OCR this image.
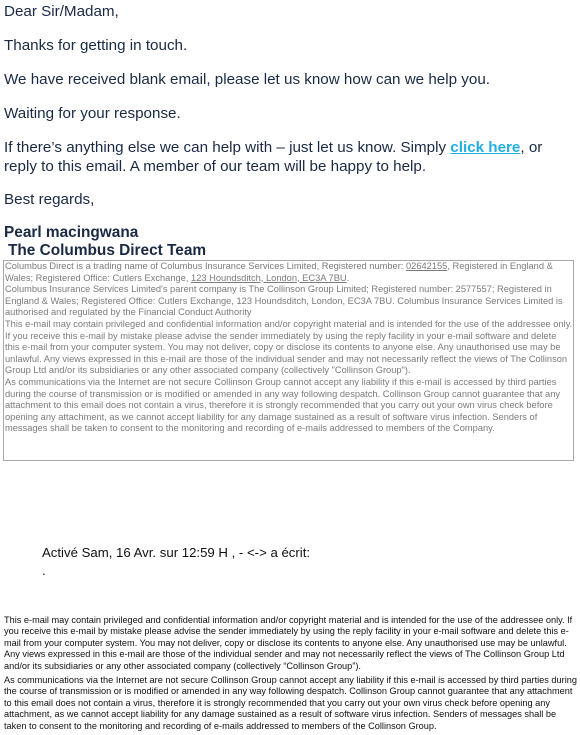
Dear Sir/Madam,
Thanks for getting in touch.
We have received blank email, please let us know how can we help you.
Waiting for your response.
If there’s anything else we can help with – just let us know. Simply click here, or reply to this email. A member of our team will be happy to help.
Best regards,
Pearl macingwana
The Columbus Direct Team

Columbus Direct is a trading name of Columbus Insurance Services Limited, Registered number: 02642155, Registered in England & Wales; Registered Office: Cutlers Exchange, 123 Houndsditch, London, EC3A 7BU.

Columbus Insurance Services Limited's parent company is The Collinson Group Limited; Registered number: 2577557; Registered in England & Wales; Registered Office: Cutlers Exchange, 123 Houndsditch, London, EC3A 7BU. Columbus Insurance Services Limited is authorised and regulated by the Financial Conduct Authority

This e-mail may contain privileged and confidential information and/or copyright material and is intended for the use of the addressee only. If you receive this e-mail by mistake please advise the sender immediately by using the reply facility in your e-mail software and delete this e-mail from your computer system. You may not deliver, copy or disclose its contents to anyone else. Any unauthorised use may be unlawful. Any views expressed in this e-mail are those of the individual sender and may not necessarily reflect the views of The Collinson Group Ltd and/or its subsidiaries or any other associated company (collectively "Collinson Group").

As communications via the Internet are not secure Collinson Group cannot accept any liability if this e-mail is accessed by third parties during the course of transmission or is modified or amended in any way following despatch. Collinson Group cannot guarantee that any attachment to this email does not contain a virus, therefore it is strongly recommended that you carry out your own virus check before opening any attachment, as we cannot accept liability for any damage sustained as a result of software virus infection. Senders of messages shall be taken to consent to the monitoring and recording of e-mails addressed to members of the Company.

Activé Sam, 16 Avr. sur 12:59 H , - <-> a écrit:
.

This e-mail may contain privileged and confidential information and/or copyright material and is intended for the use of the addressee only. If you receive this e-mail by mistake please advise the sender immediately by using the reply facility in your e-mail software and delete this e-mail from your computer system. You may not deliver, copy or disclose its contents to anyone else. Any unauthorised use may be unlawful. Any views expressed in this e-mail are those of the individual sender and may not necessarily reflect the views of The Collinson Group Ltd and/or its subsidiaries or any other associated company (collectively “Collinson Group”).

As communications via the Internet are not secure Collinson Group cannot accept any liability if this e-mail is accessed by third parties during the course of transmission or is modified or amended in any way following despatch. Collinson Group cannot guarantee that any attachment to this email does not contain a virus, therefore it is strongly recommended that you carry out your own virus check before opening any attachment, as we cannot accept liability for any damage sustained as a result of software virus infection. Senders of messages shall be taken to consent to the monitoring and recording of e-mails addressed to members of the Collinson Group.
